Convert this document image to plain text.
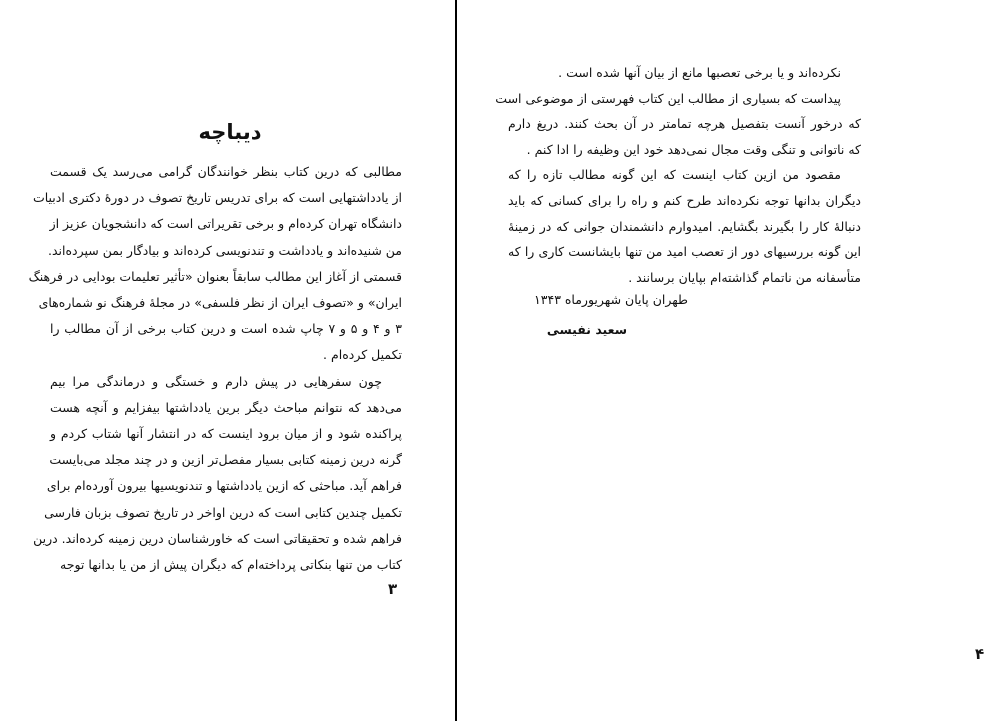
دیباچه
مطالبی که درین کتاب بنظر خوانندگان گرامی می‌رسد یک قسمت
از یادداشتهایی است که برای تدریس تاریخ تصوف در دورهٔ دکتری ادبیات
دانشگاه تهران کرده‌ام و برخی تقریراتی است که دانشجویان عزیز از
من شنیده‌اند و یادداشت و تندنویسی کرده‌اند و بیادگار بمن سپرده‌اند.
قسمتی از آغاز این مطالب سابقاً بعنوان «تأثیر تعلیمات بودایی در فرهنگ
ایران» و «تصوف ایران از نظر فلسفی» در مجلهٔ فرهنگ نو شماره‌های
۳ و ۴ و ۵ و ۷ چاپ شده است و درین کتاب برخی از آن مطالب را
تکمیل کرده‌ام .
چون سفرهایی در پیش دارم و خستگی و درماندگی مرا بیم
می‌دهد که نتوانم مباحث دیگر برین یادداشتها بیفزایم و آنچه هست
پراکنده شود و از میان برود اینست که در انتشار آنها شتاب کردم و
گرنه درین زمینه کتابی بسیار مفصل‌تر ازین و در چند مجلد می‌بایست
فراهم آید. مباحثی که ازین یادداشتها و تندنویسیها بیرون آورده‌ام برای
تکمیل چندین کتابی است که درین اواخر در تاریخ تصوف بزبان فارسی
فراهم شده و تحقیقاتی است که خاورشناسان درین زمینه کرده‌اند. درین
کتاب من تنها بنکاتی پرداخته‌ام که دیگران پیش از من یا بدانها توجه
۳
۴
نکرده‌اند و یا برخی تعصبها مانع از بیان آنها شده است .
پیداست که بسیاری از مطالب این کتاب فهرستی از موضوعی است
که درخور آنست بتفصیل هرچه تمامتر در آن بحث کنند. دریغ دارم
که ناتوانی و تنگی وقت مجال نمی‌دهد خود این وظیفه را ادا کنم .
مقصود من ازین کتاب اینست که این گونه مطالب تازه را که
دیگران بدانها توجه نکرده‌اند طرح کنم و راه را برای کسانی که باید
دنبالهٔ کار را بگیرند بگشایم. امیدوارم دانشمندان جوانی که در زمینهٔ
این گونه بررسیهای دور از تعصب امید من تنها بایشانست کاری را که
متأسفانه من ناتمام گذاشته‌ام بپایان برسانند .
طهران پایان شهریورماه ۱۳۴۳
سعید نفیسی
